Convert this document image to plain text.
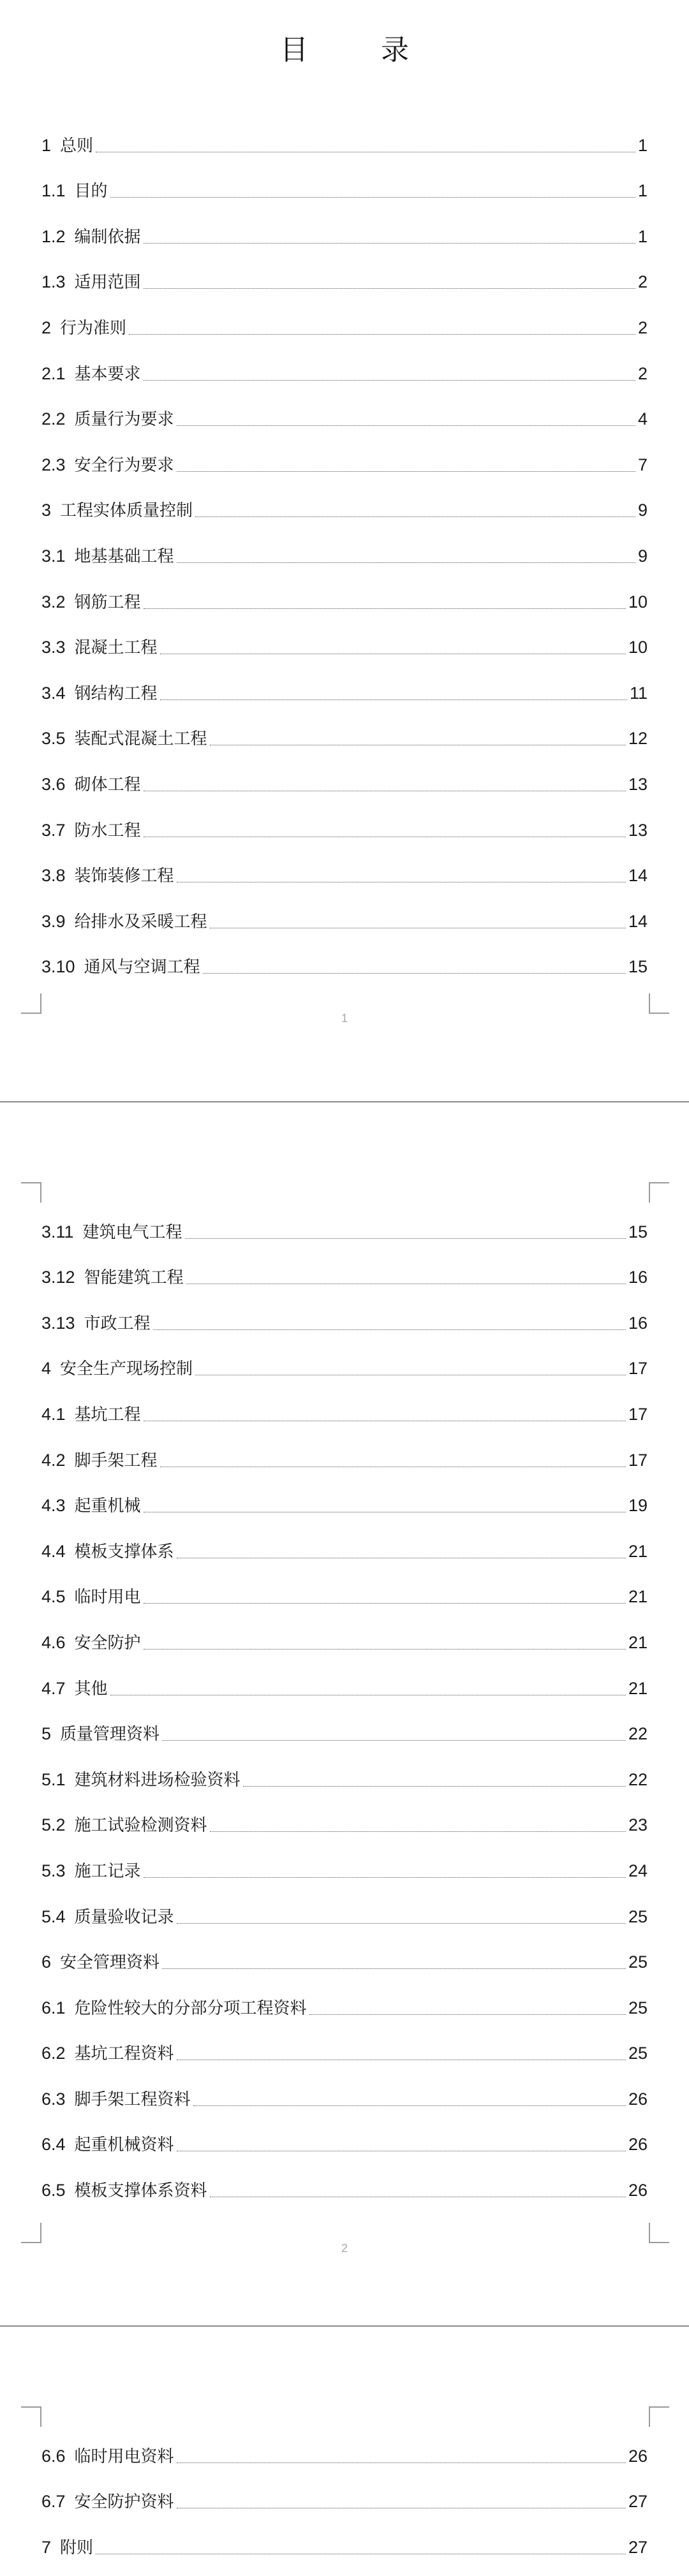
目 录
1 总则	1
1.1 目的	1
1.2 编制依据	1
1.3 适用范围	2
2 行为准则	2
2.1 基本要求	2
2.2 质量行为要求	4
2.3 安全行为要求	7
3 工程实体质量控制	9
3.1 地基基础工程	9
3.2 钢筋工程	10
3.3 混凝土工程	10
3.4 钢结构工程	11
3.5 装配式混凝土工程	12
3.6 砌体工程	13
3.7 防水工程	13
3.8 装饰装修工程	14
3.9 给排水及采暖工程	14
3.10 通风与空调工程	15
1
2
3.11 建筑电气工程	15
3.12 智能建筑工程	16
3.13 市政工程	16
4 安全生产现场控制	17
4.1 基坑工程	17
4.2 脚手架工程	17
4.3 起重机械	19
4.4 模板支撑体系	21
4.5 临时用电	21
4.6 安全防护	21
4.7 其他	21
5 质量管理资料	22
5.1 建筑材料进场检验资料	22
5.2 施工试验检测资料	23
5.3 施工记录	24
5.4 质量验收记录	25
6 安全管理资料	25
6.1 危险性较大的分部分项工程资料	25
6.2 基坑工程资料	25
6.3 脚手架工程资料	26
6.4 起重机械资料	26
6.5 模板支撑体系资料	26
6.6 临时用电资料	26
6.7 安全防护资料	27
7 附则	27
